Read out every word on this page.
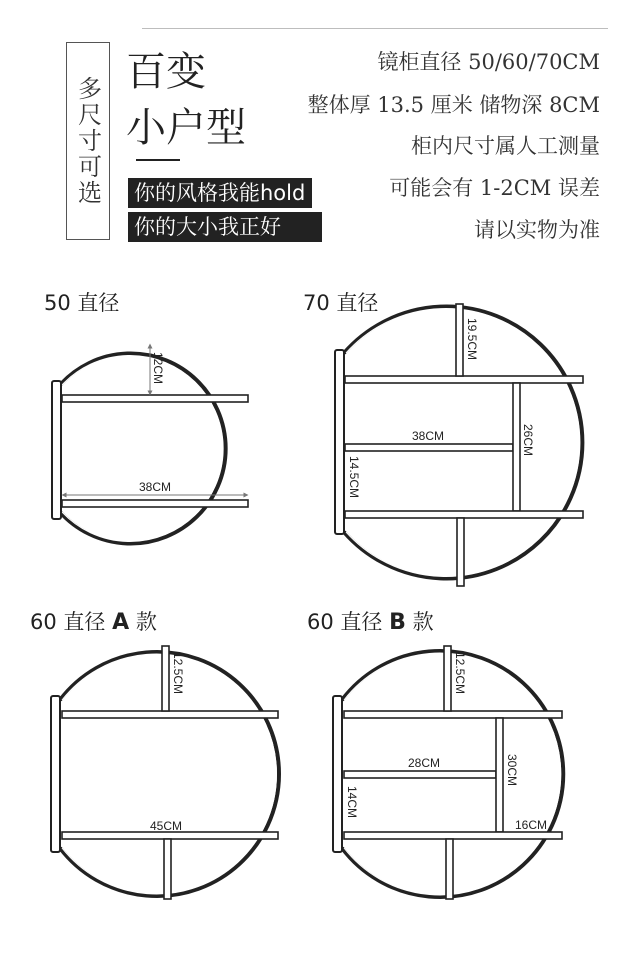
多尺寸可选
百变
小户型
你的风格我能hold
你的大小我正好
镜柜直径 50/60/70CM
整体厚 13.5 厘米 储物深 8CM
柜内尺寸属人工测量
可能会有 1-2CM 误差
请以实物为准
50 直径	70 直径
60 直径 A 款	60 直径 B 款
12CM
38CM
19.5CM
38CM	26CM
14.5CM
12.5CM
45CM
12.5CM
28CM	30CM
14CM
16CM
